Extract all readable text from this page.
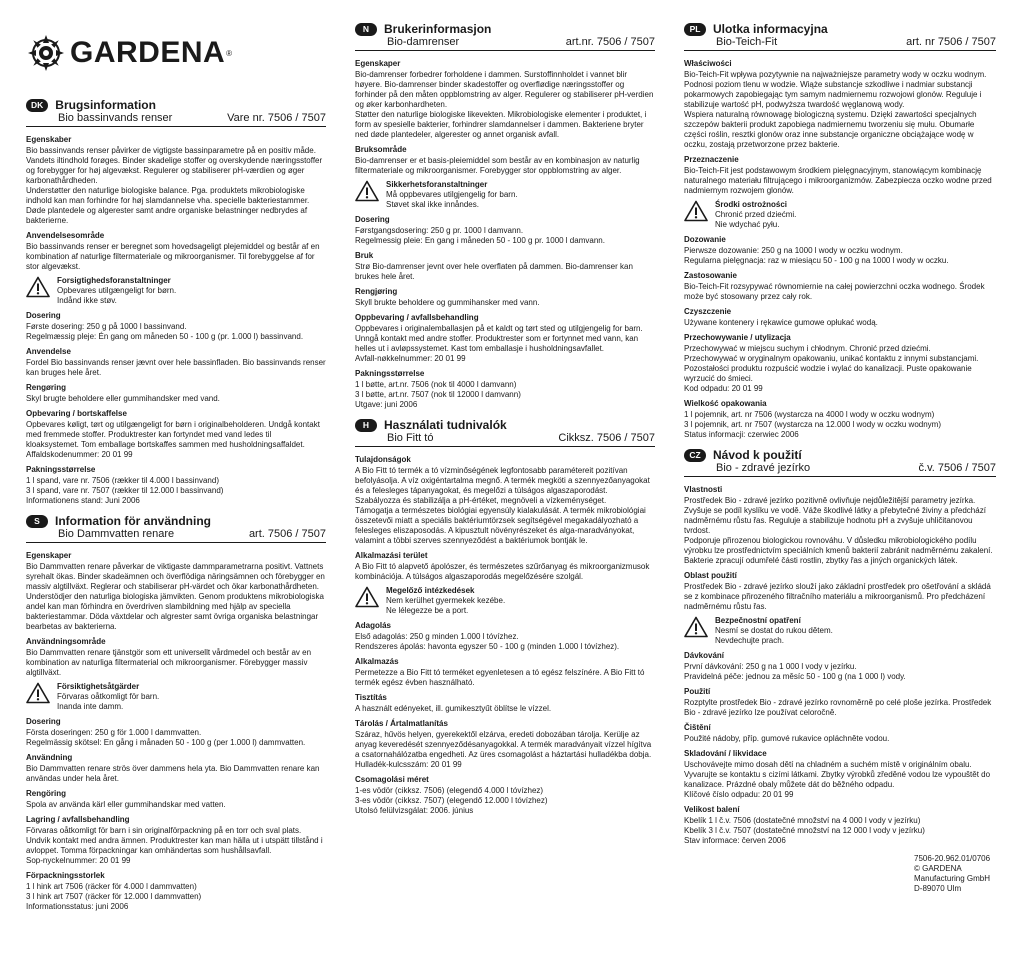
GARDENA ®
DK	Brugsinformation
Bio bassinvands renser	Vare nr. 7506 / 7507
Egenskaber
Bio bassinvands renser påvirker de vigtigste bassinparametre på en positiv måde. Vandets iltindhold forøges. Binder skadelige stoffer og overskydende næringsstoffer og forebygger for høj algevækst. Regulerer og stabiliserer pH-værdien og øger karbonathårdheden.
Understøtter den naturlige biologiske balance. Pga. produktets mikrobiologiske indhold kan man forhindre for høj slamdannelse vha. specielle bakteriestammer. Døde plantedele og algerester samt andre organiske belastninger nedbrydes af bakterierne.
Anvendelsesområde
Bio bassinvands renser er beregnet som hovedsageligt plejemiddel og består af en kombination af naturlige filtermateriale og mikroorganismer. Til forebyggelse af for stor algevækst.
Forsigtighedsforanstaltninger
Opbevares utilgængeligt for børn.
Indånd ikke støv.
Dosering
Første dosering: 250 g på 1000 l bassinvand.
Regelmæssig pleje: Én gang om måneden 50 - 100 g (pr. 1.000 l) bassinvand.
Anvendelse
Fordel Bio bassinvands renser jævnt over hele bassinfladen. Bio bassinvands renser kan bruges hele året.
Rengøring
Skyl brugte beholdere eller gummihandsker med vand.
Opbevaring / bortskaffelse
Opbevares køligt, tørt og utilgængeligt for børn i originalbeholderen. Undgå kontakt med fremmede stoffer. Produktrester kan fortyndet med vand ledes til kloaksystemet. Tom emballage bortskaffes sammen med husholdningsaffaldet.
Affaldskodenummer: 20 01 99
Pakningsstørrelse
1 l spand, vare nr. 7506 (rækker til 4.000 l bassinvand)
3 l spand, vare nr. 7507 (rækker til 12.000 l bassinvand)
Informationens stand: Juni 2006
S	Information för användning
Bio Dammvatten renare	art. 7506 / 7507
Egenskaper
Bio Dammvatten renare påverkar de viktigaste dammparametrarna positivt. Vattnets syrehalt ökas. Binder skadeämnen och överflödiga näringsämnen och förebygger en massiv algtillväxt. Reglerar och stabiliserar pH-värdet och ökar karbonathårdheten.
Understödjer den naturliga biologiska jämvikten. Genom produktens mikrobiologiska andel kan man förhindra en överdriven slambildning med hjälp av speciella bakteriestammar. Döda växtdelar och algrester samt övriga organiska belastningar bearbetas av bakterierna.
Användningsområde
Bio Dammvatten renare tjänstgör som ett universellt vårdmedel och består av en kombination av naturliga filtermaterial och mikroorganismer. Förebygger massiv algtillväxt.
Försiktighetsåtgärder
Förvaras oåtkomligt för barn.
Inanda inte damm.
Dosering
Första doseringen: 250 g för 1.000 l dammvatten.
Regelmässig skötsel: En gång i månaden 50 - 100 g (per 1.000 l) dammvatten.
Användning
Bio Dammvatten renare strös över dammens hela yta. Bio Dammvatten renare kan användas under hela året.
Rengöring
Spola av använda kärl eller gummihandskar med vatten.
Lagring / avfallsbehandling
Förvaras oåtkomligt för barn i sin originalförpackning på en torr och sval plats. Undvik kontakt med andra ämnen. Produktrester kan man hälla ut i utspätt tillstånd i avloppet. Tomma förpackningar kan omhändertas som hushållsavfall.
Sop-nyckelnummer: 20 01 99
Förpackningsstorlek
1 l hink art 7506 (räcker för 4.000 l dammvatten)
3 l hink art 7507 (räcker för 12.000 l dammvatten)
Informationsstatus: juni 2006
N	Brukerinformasjon
Bio-damrenser	art.nr. 7506 / 7507
Egenskaper
Bio-damrenser forbedrer forholdene i dammen. Surstoffinnholdet i vannet blir høyere. Bio-damrenser binder skadestoffer og overflødige næringsstoffer og forhinder på den måten oppblomstring av alger. Regulerer og stabiliserer pH-verdien og øker karbonhardheten.
Støtter den naturlige biologiske likevekten. Mikrobiologiske elementer i produktet, i form av spesielle bakterier, forhindrer slamdannelser i dammen. Bakteriene bryter ned døde plantedeler, algerester og annet organisk avfall.
Bruksområde
Bio-damrenser er et basis-pleiemiddel som består av en kombinasjon av naturlig filtermateriale og mikroorganismer. Forebygger stor oppblomstring av alger.
Sikkerhetsforanstaltninger
Må oppbevares utilgjengelig for barn.
Støvet skal ikke innåndes.
Dosering
Førstgangsdosering: 250 g pr. 1000 l damvann.
Regelmessig pleie: En gang i måneden 50 - 100 g pr. 1000 l damvann.
Bruk
Strø Bio-damrenser jevnt over hele overflaten på dammen. Bio-damrenser kan brukes hele året.
Rengjøring
Skyll brukte beholdere og gummihansker med vann.
Oppbevaring / avfallsbehandling
Oppbevares i originalemballasjen på et kaldt og tørt sted og utilgjengelig for barn. Unngå kontakt med andre stoffer. Produktrester som er fortynnet med vann, kan helles ut i avløpssystemet. Kast tom emballasje i husholdningsavfallet.
Avfall-nøkkelnummer: 20 01 99
Pakningsstørrelse
1 l bøtte, art.nr. 7506 (nok til 4000 l damvann)
3 l bøtte, art.nr. 7507 (nok til 12000 l damvann)
Utgave: juni 2006
H	Használati tudnivalók
Bio Fitt tó	Cikksz. 7506 / 7507
Tulajdonságok
A Bio Fitt tó termék a tó vízminőségének legfontosabb paramétereit pozitívan befolyásolja. A víz oxigéntartalma megnő. A termék megköti a szennyezőanyagokat és a felesleges tápanyagokat, és megelőzi a túlságos algaszaporodást. Szabályozza és stabilizálja a pH-értéket, megnöveli a vízkeménységet.
Támogatja a természetes biológiai egyensúly kialakulását. A termék mikrobiológiai összetevői miatt a speciális baktériumtörzsek segítségével megakadályozható a felesleges eliszaposodás. A kipusztult növényrészeket és alga-maradványokat, valamint a többi szerves szennyeződést a baktériumok bontják le.
Alkalmazási terület
A Bio Fitt tó alapvető ápolószer, és természetes szűrőanyag és mikroorganizmusok kombinációja. A túlságos algaszaporodás megelőzésére szolgál.
Megelőző intézkedések
Nem kerülhet gyermekek kezébe.
Ne lélegezze be a port.
Adagolás
Első adagolás: 250 g minden 1.000 l tóvízhez.
Rendszeres ápolás: havonta egyszer 50 - 100 g (minden 1.000 l tóvízhez).
Alkalmazás
Permetezze a Bio Fitt tó terméket egyenletesen a tó egész felszínére. A Bio Fitt tó termék egész évben használható.
Tisztítás
A használt edényeket, ill. gumikesztyűt öblítse le vízzel.
Tárolás / Ártalmatlanítás
Száraz, hűvös helyen, gyerekektől elzárva, eredeti dobozában tárolja. Kerülje az anyag keveredését szennyeződésanyagokkal. A termék maradványait vízzel hígítva a csatornahálózatba engedheti. Az üres csomagolást a háztartási hulladékba dobja.
Hulladék-kulcsszám: 20 01 99
Csomagolási méret
1-es vödör (cikksz. 7506) (elegendő 4.000 l tóvízhez)
3-es vödör (cikksz. 7507) (elegendő 12.000 l tóvízhez)
Utolsó felülvizsgálat: 2006. június
PL	Ulotka informacyjna
Bio-Teich-Fit	art. nr 7506 / 7507
Właściwości
Bio-Teich-Fit wpływa pozytywnie na najważniejsze parametry wody w oczku wodnym. Podnosi poziom tlenu w wodzie. Wiąże substancje szkodliwe i nadmiar substancji pokarmowych zapobiegając tym samym nadmiernemu rozwojowi glonów. Reguluje i stabilizuje wartość pH, podwyższa twardość węglanową wody.
Wspiera naturalną równowagę biologiczną systemu. Dzięki zawartości specjalnych szczepów bakterii produkt zapobiega nadmiernemu tworzeniu się mułu. Obumarłe części roślin, resztki glonów oraz inne substancje organiczne obciążające wodę w oczku, zostają przetworzone przez bakterie.
Przeznaczenie
Bio-Teich-Fit jest podstawowym środkiem pielęgnacyjnym, stanowiącym kombinację naturalnego materiału filtrującego i mikroorganizmów. Zabezpiecza oczko wodne przed nadmiernym rozwojem glonów.
Środki ostrożności
Chronić przed dziećmi.
Nie wdychać pyłu.
Dozowanie
Pierwsze dozowanie: 250 g na 1000 l wody w oczku wodnym.
Regularna pielęgnacja: raz w miesiącu 50 - 100 g na 1000 l wody w oczku.
Zastosowanie
Bio-Teich-Fit rozsypywać równomiernie na całej powierzchni oczka wodnego. Środek może być stosowany przez cały rok.
Czyszczenie
Używane kontenery i rękawice gumowe opłukać wodą.
Przechowywanie / utylizacja
Przechowywać w miejscu suchym i chłodnym. Chronić przed dziećmi.
Przechowywać w oryginalnym opakowaniu, unikać kontaktu z innymi substancjami. Pozostałości produktu rozpuścić wodzie i wylać do kanalizacji. Puste opakowanie wyrzucić do śmieci.
Kod odpadu: 20 01 99
Wielkość opakowania
1 l pojemnik, art. nr 7506 (wystarcza na 4000 l wody w oczku wodnym)
3 l pojemnik, art. nr 7507 (wystarcza na 12.000 l wody w oczku wodnym)
Status informacji: czerwiec 2006
CZ	Návod k použití
Bio - zdravé jezírko	č.v. 7506 / 7507
Vlastnosti
Prostředek Bio - zdravé jezírko pozitivně ovlivňuje nejdůležitější parametry jezírka. Zvyšuje se podíl kyslíku ve vodě. Váže škodlivé látky a přebytečné živiny a předchází nadměrnému růstu řas. Reguluje a stabilizuje hodnotu pH a zvyšuje uhličitanovou tvrdost.
Podporuje přirozenou biologickou rovnováhu. V důsledku mikrobiologického podílu výrobku lze prostřednictvím speciálních kmenů bakterií zabránit nadměrnému zakalení. Bakterie zpracují odumřelé části rostlin, zbytky řas a jiných organických látek.
Oblast použití
Prostředek Bio - zdravé jezírko slouží jako základní prostředek pro ošetřování a skládá se z kombinace přirozeného filtračního materiálu a mikroorganismů. Pro předcházení nadměrnému růstu řas.
Bezpečnostní opatření
Nesmí se dostat do rukou dětem.
Nevdechujte prach.
Dávkování
První dávkování: 250 g na 1 000 l vody v jezírku.
Pravidelná péče: jednou za měsíc 50 - 100 g (na 1 000 l) vody.
Použití
Rozptylte prostředek Bio - zdravé jezírko rovnoměrně po celé ploše jezírka. Prostředek Bio - zdravé jezírko lze používat celoročně.
Čištění
Použité nádoby, příp. gumové rukavice opláchněte vodou.
Skladování / likvidace
Uschovávejte mimo dosah dětí na chladném a suchém místě v originálním obalu. Vyvarujte se kontaktu s cizími látkami. Zbytky výrobků zředěné vodou lze vypouštět do kanalizace. Prázdné obaly můžete dát do běžného odpadu.
Klíčové číslo odpadu: 20 01 99
Velikost balení
Kbelík 1 l č.v. 7506 (dostatečné množství na 4 000 l vody v jezírku)
Kbelík 3 l č.v. 7507 (dostatečné množství na 12 000 l vody v jezírku)
Stav informace: červen 2006
7506-20.962.01/0706
© GARDENA
Manufacturing GmbH
D-89070 Ulm
